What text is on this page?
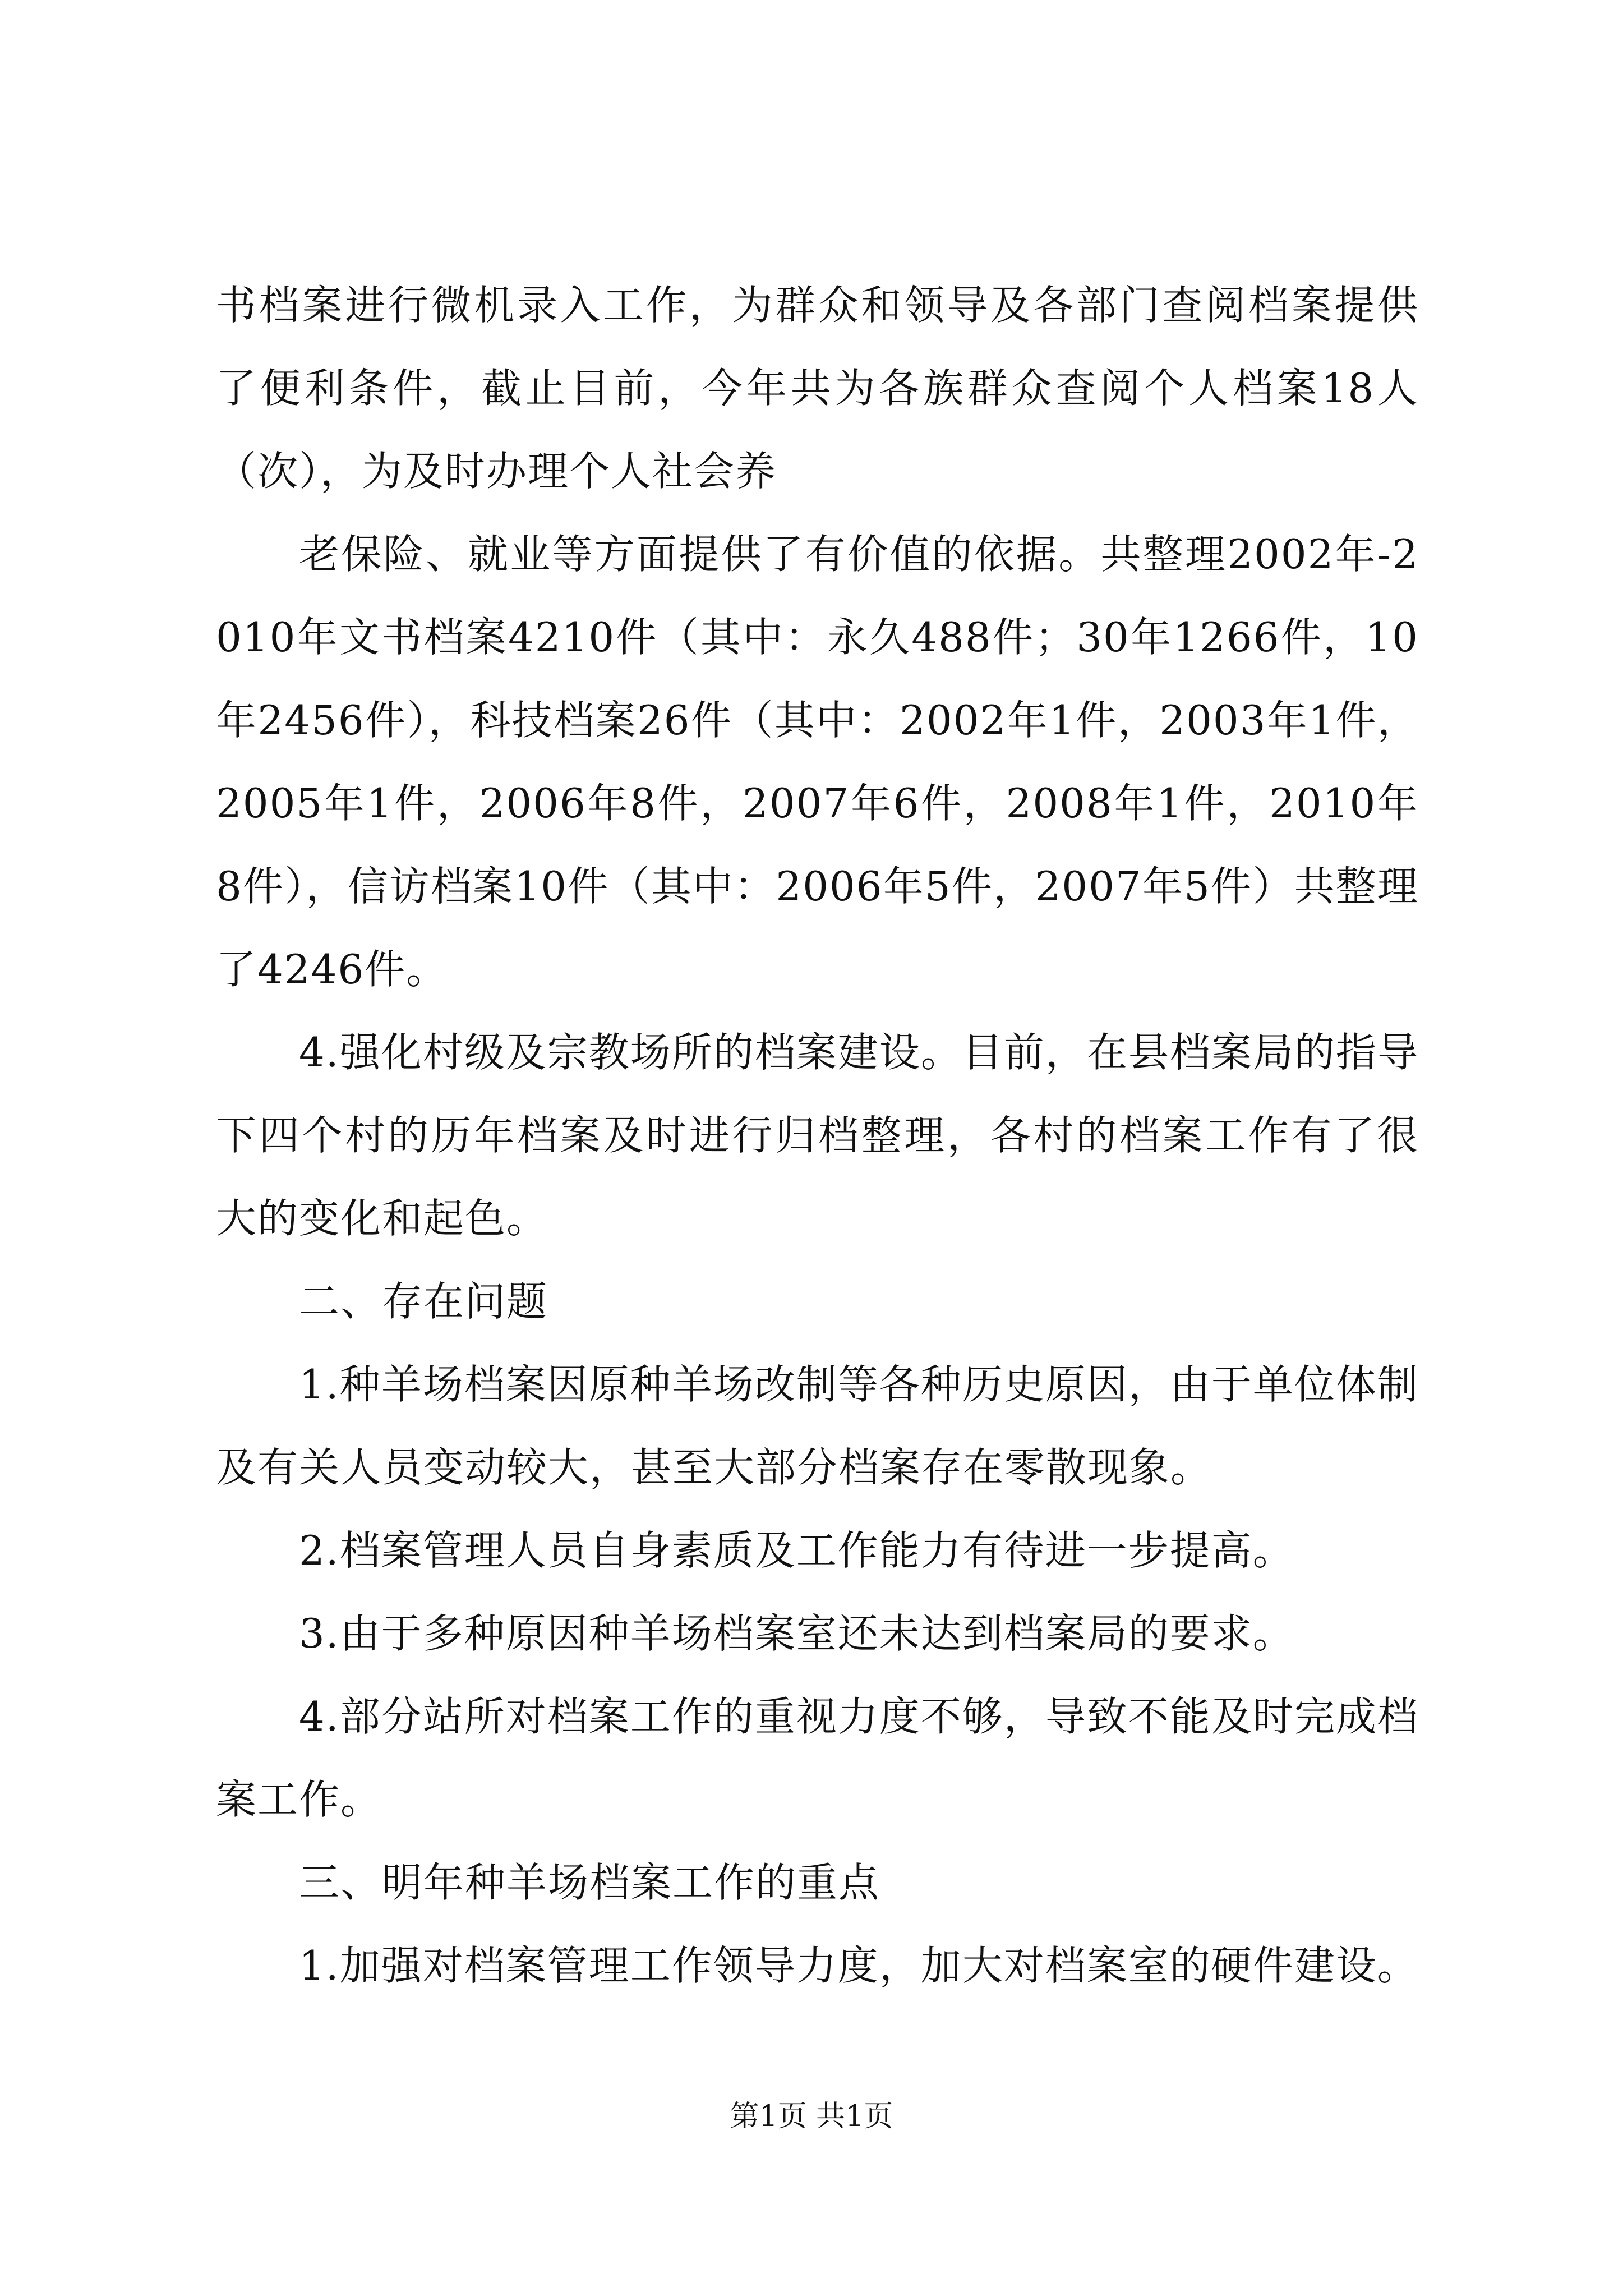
书档案进行微机录入工作，为群众和领导及各部门查阅档案提供了便利条件，截止目前，今年共为各族群众查阅个人档案18人（次），为及时办理个人社会养

老保险、就业等方面提供了有价值的依据。共整理2002年-2010年文书档案4210件（其中：永久488件；30年1266件，10年2456件），科技档案26件（其中：2002年1件，2003年1件，2005年1件，2006年8件，2007年6件，2008年1件，2010年8件），信访档案10件（其中：2006年5件，2007年5件）共整理了4246件。

4.强化村级及宗教场所的档案建设。目前，在县档案局的指导下四个村的历年档案及时进行归档整理，各村的档案工作有了很大的变化和起色。

二、存在问题

1.种羊场档案因原种羊场改制等各种历史原因，由于单位体制及有关人员变动较大，甚至大部分档案存在零散现象。

2.档案管理人员自身素质及工作能力有待进一步提高。

3.由于多种原因种羊场档案室还未达到档案局的要求。

4.部分站所对档案工作的重视力度不够，导致不能及时完成档案工作。

三、明年种羊场档案工作的重点

1.加强对档案管理工作领导力度，加大对档案室的硬件建设。

第1页 共1页
